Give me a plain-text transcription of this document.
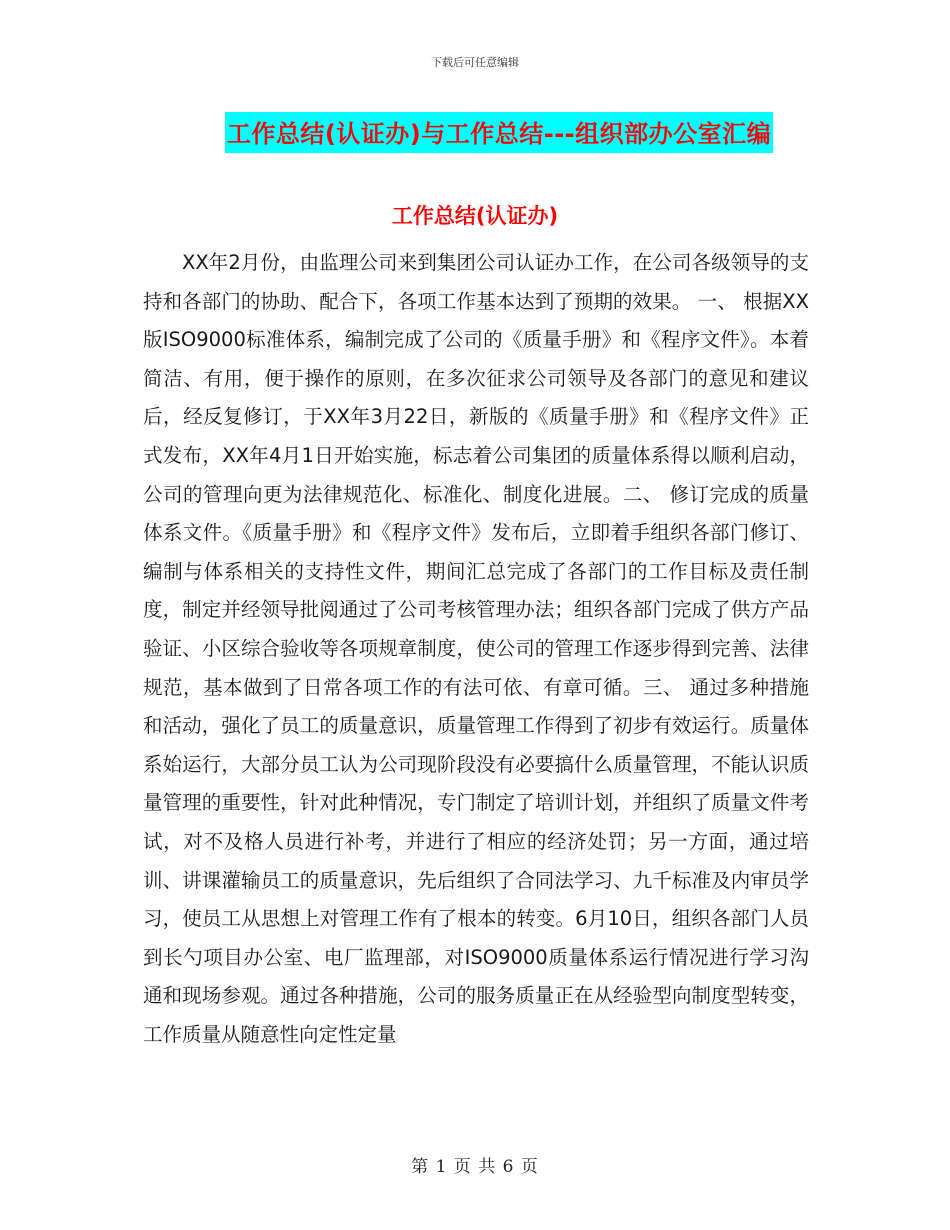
下载后可任意编辑
工作总结(认证办)与工作总结---组织部办公室汇编
工作总结(认证办)

XX年2月份，由监理公司来到集团公司认证办工作，在公司各级领导的支持和各部门的协助、配合下，各项工作基本达到了预期的效果。 一、 根据XX版ISO9000标准体系，编制完成了公司的《质量手册》和《程序文件》。本着简洁、有用，便于操作的原则，在多次征求公司领导及各部门的意见和建议后，经反复修订，于XX年3月22日，新版的《质量手册》和《程序文件》正式发布，XX年4月1日开始实施，标志着公司集团的质量体系得以顺利启动，公司的管理向更为法律规范化、标准化、制度化进展。二、 修订完成的质量体系文件。《质量手册》和《程序文件》发布后，立即着手组织各部门修订、编制与体系相关的支持性文件，期间汇总完成了各部门的工作目标及责任制度，制定并经领导批阅通过了公司考核管理办法；组织各部门完成了供方产品验证、小区综合验收等各项规章制度，使公司的管理工作逐步得到完善、法律规范，基本做到了日常各项工作的有法可依、有章可循。三、 通过多种措施和活动，强化了员工的质量意识，质量管理工作得到了初步有效运行。质量体系始运行，大部分员工认为公司现阶段没有必要搞什么质量管理，不能认识质量管理的重要性，针对此种情况，专门制定了培训计划，并组织了质量文件考试，对不及格人员进行补考，并进行了相应的经济处罚；另一方面，通过培训、讲课灌输员工的质量意识，先后组织了合同法学习、九千标准及内审员学习，使员工从思想上对管理工作有了根本的转变。6月10日，组织各部门人员到长勺项目办公室、电厂监理部，对ISO9000质量体系运行情况进行学习沟通和现场参观。通过各种措施，公司的服务质量正在从经验型向制度型转变，工作质量从随意性向定性定量

第 1 页 共 6 页
